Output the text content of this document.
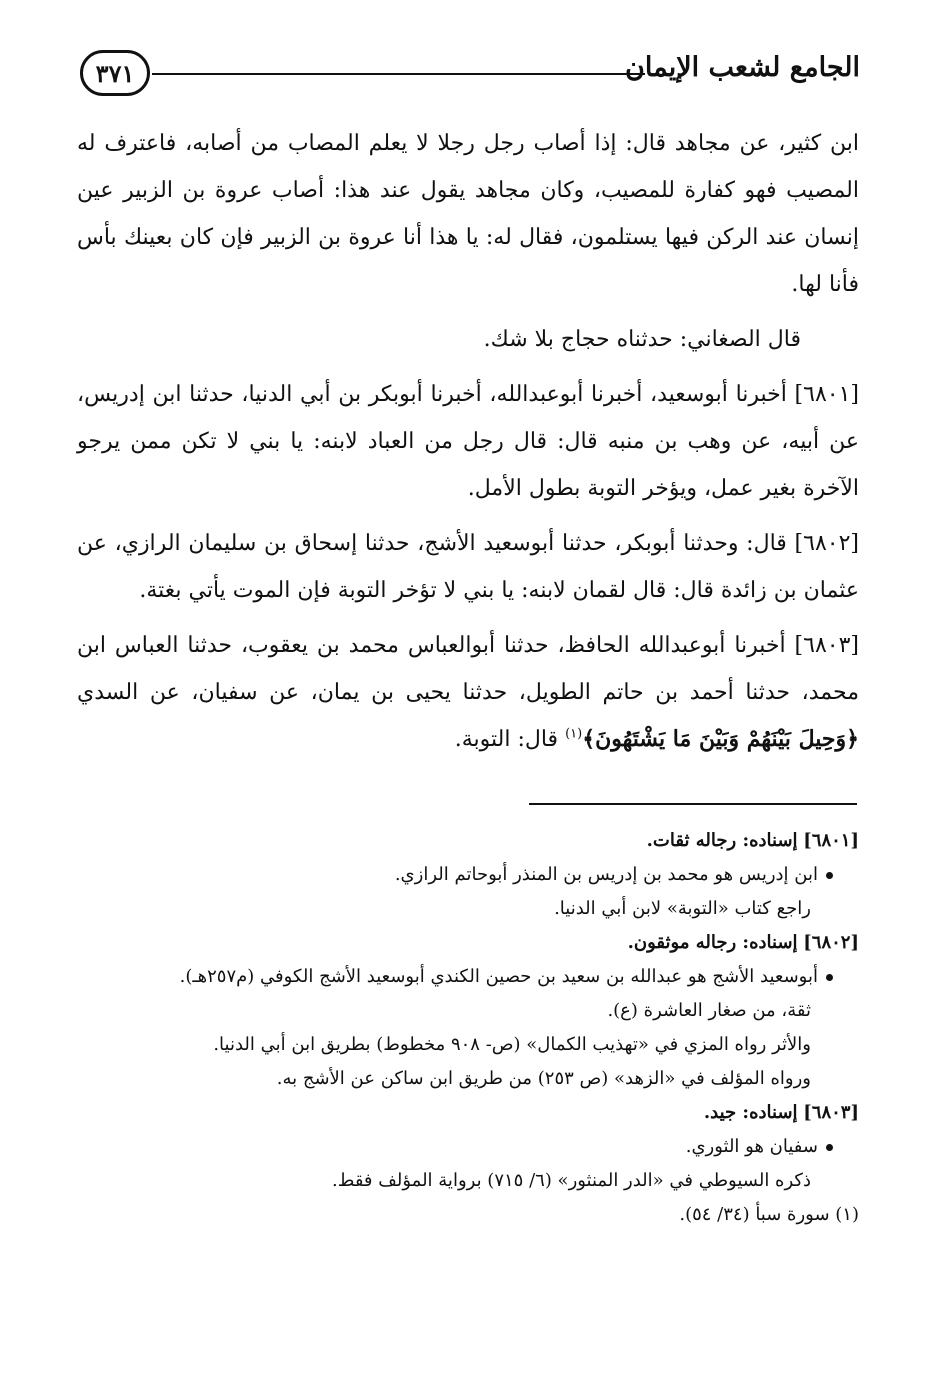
الجامع لشعب الإيمان
٣٧١

ابن كثير، عن مجاهد قال: إذا أصاب رجل رجلا لا يعلم المصاب من أصابه، فاعترف له المصيب فهو كفارة للمصيب، وكان مجاهد يقول عند هذا: أصاب عروة بن الزبير عين إنسان عند الركن فيها يستلمون، فقال له: يا هذا أنا عروة بن الزبير فإن كان بعينك بأس فأنا لها.

قال الصغاني: حدثناه حجاج بلا شك.

[٦٨٠١] أخبرنا أبوسعيد، أخبرنا أبوعبدالله، أخبرنا أبوبكر بن أبي الدنيا، حدثنا ابن إدريس، عن أبيه، عن وهب بن منبه قال: قال رجل من العباد لابنه: يا بني لا تكن ممن يرجو الآخرة بغير عمل، ويؤخر التوبة بطول الأمل.

[٦٨٠٢] قال: وحدثنا أبوبكر، حدثنا أبوسعيد الأشج، حدثنا إسحاق بن سليمان الرازي، عن عثمان بن زائدة قال: قال لقمان لابنه: يا بني لا تؤخر التوبة فإن الموت يأتي بغتة.

[٦٨٠٣] أخبرنا أبوعبدالله الحافظ، حدثنا أبوالعباس محمد بن يعقوب، حدثنا العباس ابن محمد، حدثنا أحمد بن حاتم الطويل، حدثنا يحيى بن يمان، عن سفيان، عن السدي ﴿وَحِيلَ بَيْنَهُمْ وَبَيْنَ مَا يَشْتَهُونَ﴾$^{(١)}$ قال: التوبة.

[٦٨٠١] إسناده: رجاله ثقات.

ابن إدريس هو محمد بن إدريس بن المنذر أبوحاتم الرازي.

راجع كتاب «التوبة» لابن أبي الدنيا.

[٦٨٠٢] إسناده: رجاله موثقون.

أبوسعيد الأشج هو عبدالله بن سعيد بن حصين الكندي أبوسعيد الأشج الكوفي (م٢٥٧هـ).

ثقة، من صغار العاشرة (ع).

والأثر رواه المزي في «تهذيب الكمال» (ص- ٩٠٨ مخطوط) بطريق ابن أبي الدنيا.

ورواه المؤلف في «الزهد» (ص ٢٥٣) من طريق ابن ساكن عن الأشج به.

[٦٨٠٣] إسناده: جيد.

سفيان هو الثوري.

ذكره السيوطي في «الدر المنثور» (٦/ ٧١٥) برواية المؤلف فقط.

(١) سورة سبأ (٣٤/ ٥٤).
